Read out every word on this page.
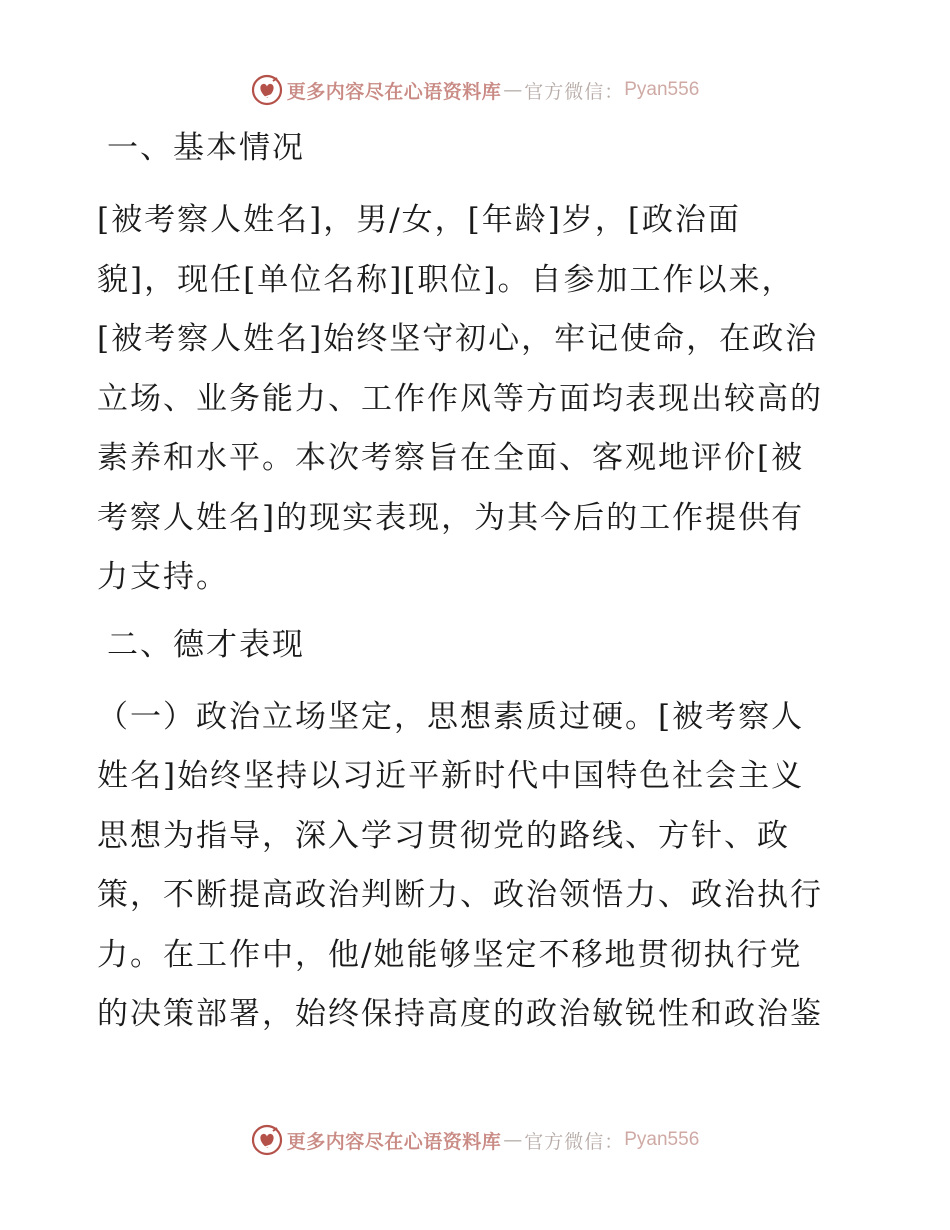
更多内容尽在心语资料库 — 官方微信： Pyan556

一、基本情况

[被考察人姓名]，男/女，[年龄]岁，[政治面
貌]，现任[单位名称][职位]。自参加工作以来，
[被考察人姓名]始终坚守初心，牢记使命，在政治
立场、业务能力、工作作风等方面均表现出较高的
素养和水平。本次考察旨在全面、客观地评价[被
考察人姓名]的现实表现，为其今后的工作提供有
力支持。

二、德才表现

（一）政治立场坚定，思想素质过硬。[被考察人
姓名]始终坚持以习近平新时代中国特色社会主义
思想为指导，深入学习贯彻党的路线、方针、政
策，不断提高政治判断力、政治领悟力、政治执行
力。在工作中，他/她能够坚定不移地贯彻执行党
的决策部署，始终保持高度的政治敏锐性和政治鉴

更多内容尽在心语资料库 — 官方微信： Pyan556
